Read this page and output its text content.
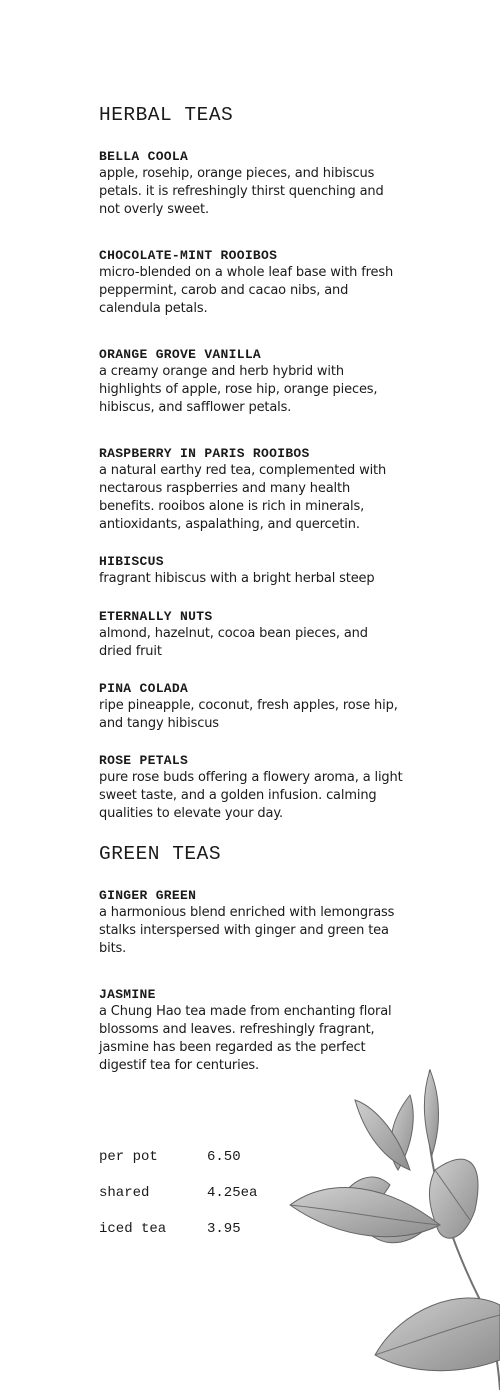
HERBAL TEAS
BELLA COOLA
apple, rosehip, orange pieces, and hibiscus petals. it is refreshingly thirst quenching and not overly sweet.
CHOCOLATE-MINT ROOIBOS
micro-blended on a whole leaf base with fresh peppermint, carob and cacao nibs, and calendula petals.
ORANGE GROVE VANILLA
a creamy orange and herb hybrid with highlights of apple, rose hip, orange pieces, hibiscus, and safflower petals.
RASPBERRY IN PARIS ROOIBOS
a natural earthy red tea, complemented with nectarous raspberries and many health benefits. rooibos alone is rich in minerals, antioxidants, aspalathing, and quercetin.
HIBISCUS
fragrant hibiscus with a bright herbal steep
ETERNALLY NUTS
almond, hazelnut, cocoa bean pieces, and dried fruit
PINA COLADA
ripe pineapple, coconut, fresh apples, rose hip, and tangy hibiscus
ROSE PETALS
pure rose buds offering a flowery aroma, a light sweet taste, and a golden infusion. calming qualities to elevate your day.
GREEN TEAS
GINGER GREEN
a harmonious blend enriched with lemongrass stalks interspersed with ginger and green tea bits.
JASMINE
a Chung Hao tea made from enchanting floral blossoms and leaves. refreshingly fragrant, jasmine has been regarded as the perfect digestif tea for centuries.
per pot	6.50
shared	4.25ea
iced tea	3.95
